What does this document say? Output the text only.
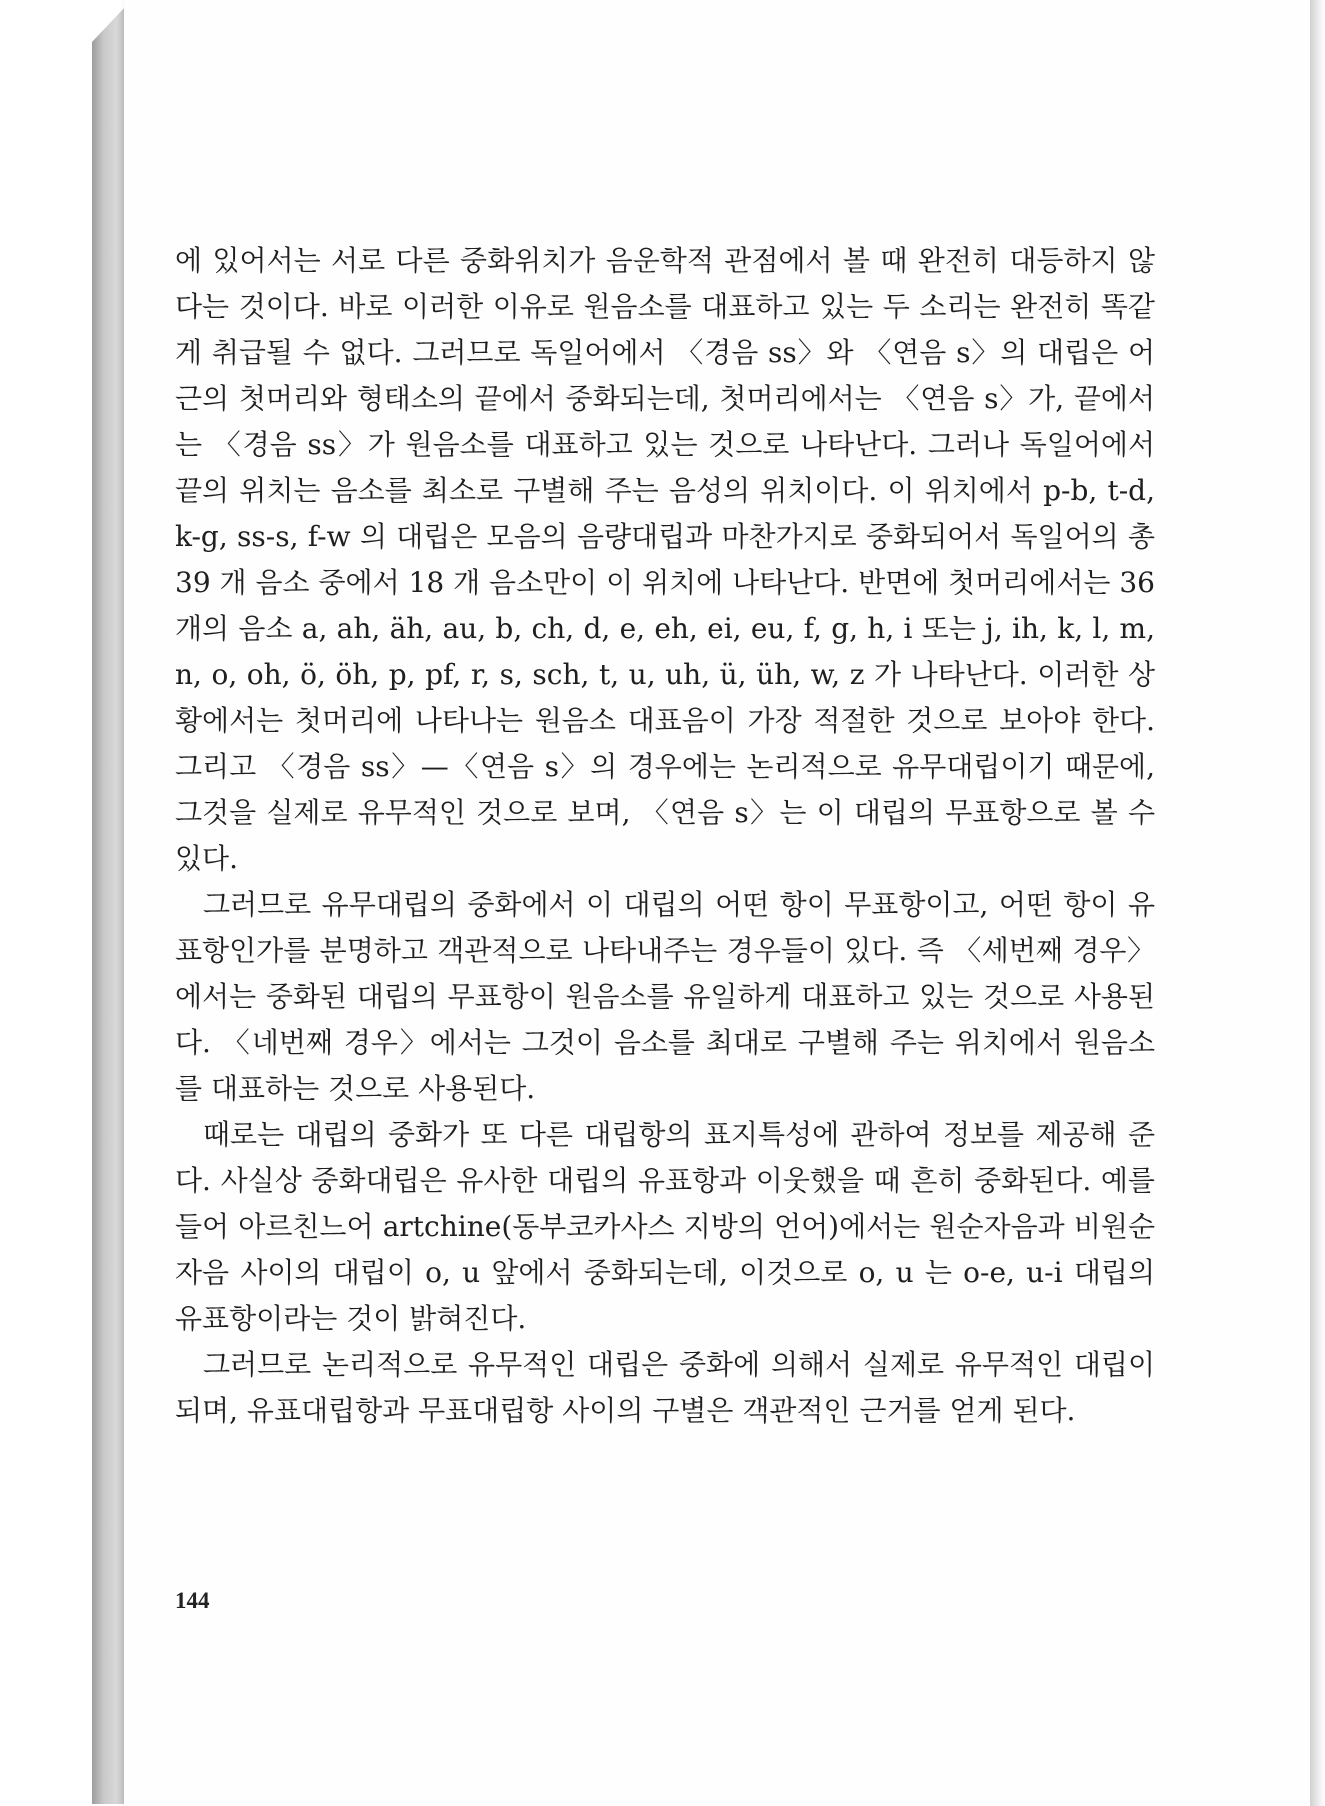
에 있어서는 서로 다른 중화위치가 음운학적 관점에서 볼 때 완전히 대등하지 않다는 것이다. 바로 이러한 이유로 원음소를 대표하고 있는 두 소리는 완전히 똑같게 취급될 수 없다. 그러므로 독일어에서 〈경음 ss〉와 〈연음 s〉의 대립은 어근의 첫머리와 형태소의 끝에서 중화되는데, 첫머리에서는 〈연음 s〉가, 끝에서는 〈경음 ss〉가 원음소를 대표하고 있는 것으로 나타난다. 그러나 독일어에서 끝의 위치는 음소를 최소로 구별해 주는 음성의 위치이다. 이 위치에서 p-b, t-d, k-g, ss-s, f-w 의 대립은 모음의 음량대립과 마찬가지로 중화되어서 독일어의 총 39 개 음소 중에서 18 개 음소만이 이 위치에 나타난다. 반면에 첫머리에서는 36 개의 음소 a, ah, äh, au, b, ch, d, e, eh, ei, eu, f, g, h, i 또는 j, ih, k, l, m, n, o, oh, ö, öh, p, pf, r, s, sch, t, u, uh, ü, üh, w, z 가 나타난다. 이러한 상황에서는 첫머리에 나타나는 원음소 대표음이 가장 적절한 것으로 보아야 한다. 그리고 〈경음 ss〉—〈연음 s〉의 경우에는 논리적으로 유무대립이기 때문에, 그것을 실제로 유무적인 것으로 보며, 〈연음 s〉는 이 대립의 무표항으로 볼 수 있다.

그러므로 유무대립의 중화에서 이 대립의 어떤 항이 무표항이고, 어떤 항이 유표항인가를 분명하고 객관적으로 나타내주는 경우들이 있다. 즉 〈세번째 경우〉에서는 중화된 대립의 무표항이 원음소를 유일하게 대표하고 있는 것으로 사용된다. 〈네번째 경우〉에서는 그것이 음소를 최대로 구별해 주는 위치에서 원음소를 대표하는 것으로 사용된다.

때로는 대립의 중화가 또 다른 대립항의 표지특성에 관하여 정보를 제공해 준다. 사실상 중화대립은 유사한 대립의 유표항과 이웃했을 때 흔히 중화된다. 예를 들어 아르친느어 artchine(동부코카사스 지방의 언어)에서는 원순자음과 비원순자음 사이의 대립이 o, u 앞에서 중화되는데, 이것으로 o, u 는 o-e, u-i 대립의 유표항이라는 것이 밝혀진다.

그러므로 논리적으로 유무적인 대립은 중화에 의해서 실제로 유무적인 대립이 되며, 유표대립항과 무표대립항 사이의 구별은 객관적인 근거를 얻게 된다.

144
